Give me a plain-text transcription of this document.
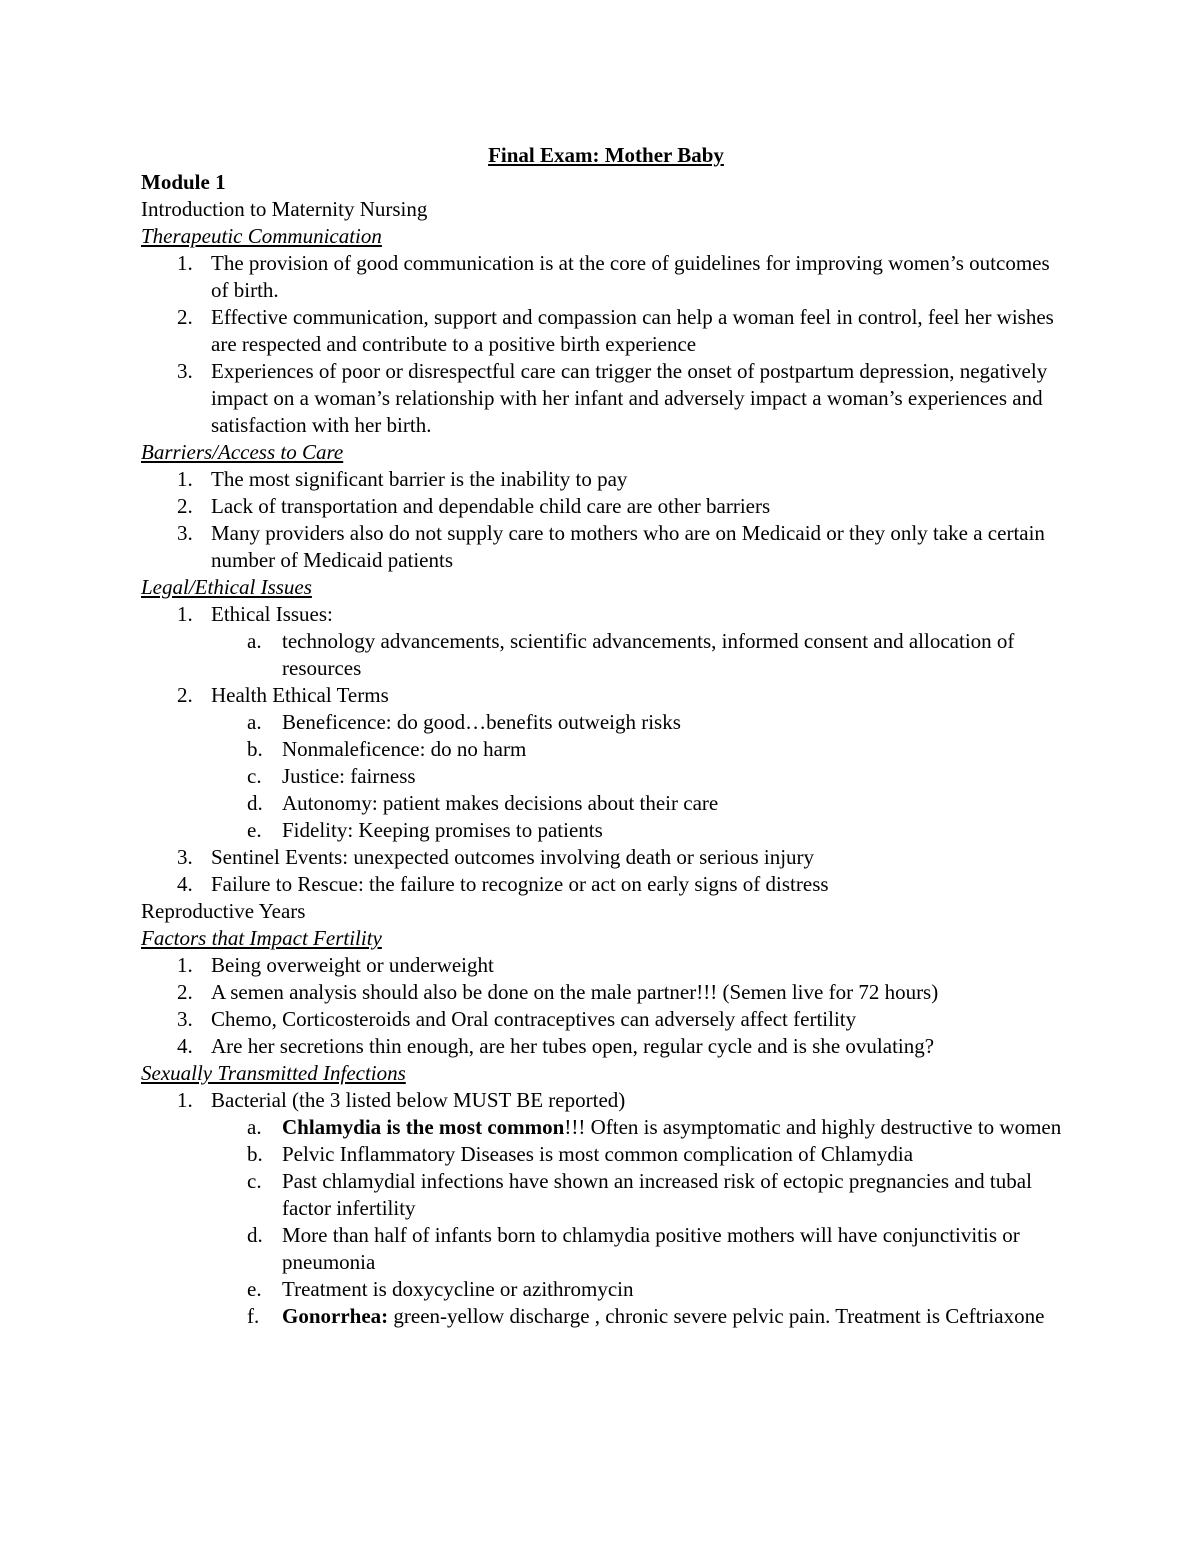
Final Exam: Mother Baby

Module 1

Introduction to Maternity Nursing

Therapeutic Communication

1. The provision of good communication is at the core of guidelines for improving women’s outcomes of birth.
2. Effective communication, support and compassion can help a woman feel in control, feel her wishes are respected and contribute to a positive birth experience
3. Experiences of poor or disrespectful care can trigger the onset of postpartum depression, negatively impact on a woman’s relationship with her infant and adversely impact a woman’s experiences and satisfaction with her birth.

Barriers/Access to Care

1. The most significant barrier is the inability to pay
2. Lack of transportation and dependable child care are other barriers
3. Many providers also do not supply care to mothers who are on Medicaid or they only take a certain number of Medicaid patients

Legal/Ethical Issues

1. Ethical Issues:
a. technology advancements, scientific advancements, informed consent and allocation of resources
2. Health Ethical Terms
a. Beneficence: do good…benefits outweigh risks
b. Nonmaleficence: do no harm
c. Justice: fairness
d. Autonomy: patient makes decisions about their care
e. Fidelity: Keeping promises to patients
3. Sentinel Events: unexpected outcomes involving death or serious injury
4. Failure to Rescue: the failure to recognize or act on early signs of distress

Reproductive Years

Factors that Impact Fertility

1. Being overweight or underweight
2. A semen analysis should also be done on the male partner!!! (Semen live for 72 hours)
3. Chemo, Corticosteroids and Oral contraceptives can adversely affect fertility
4. Are her secretions thin enough, are her tubes open, regular cycle and is she ovulating?

Sexually Transmitted Infections

1. Bacterial (the 3 listed below MUST BE reported)
a. Chlamydia is the most common!!! Often is asymptomatic and highly destructive to women
b. Pelvic Inflammatory Diseases is most common complication of Chlamydia
c. Past chlamydial infections have shown an increased risk of ectopic pregnancies and tubal factor infertility
d. More than half of infants born to chlamydia positive mothers will have conjunctivitis or pneumonia
e. Treatment is doxycycline or azithromycin
f. Gonorrhea: green-yellow discharge , chronic severe pelvic pain. Treatment is Ceftriaxone
